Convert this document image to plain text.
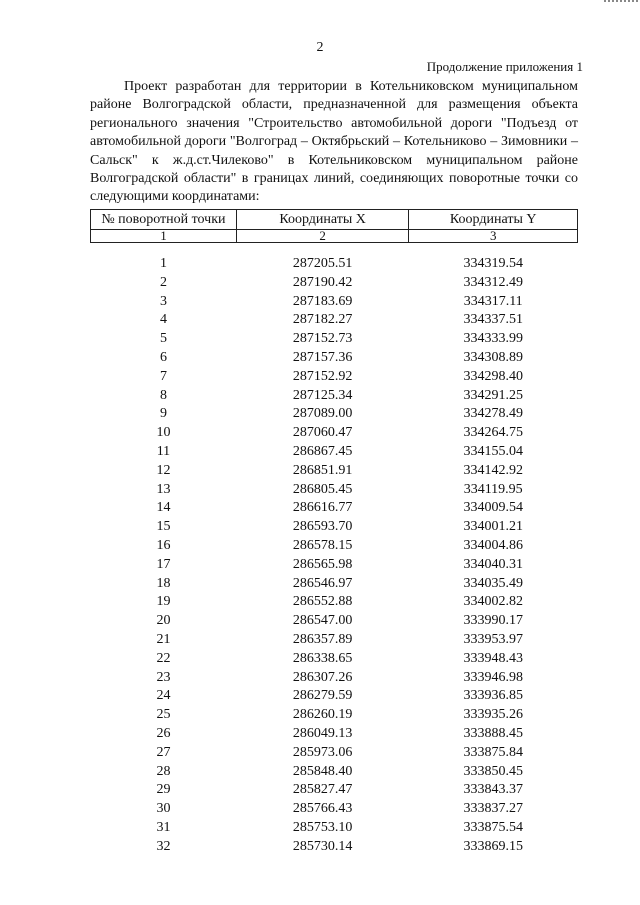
2
Продолжение приложения 1

Проект разработан для территории в Котельниковском муниципальном районе Волгоградской области, предназначенной для размещения объекта регионального значения "Строительство автомобильной дороги "Подъезд от автомобильной дороги "Волгоград – Октябрьский – Котельниково – Зимовники – Сальск" к ж.д.ст.Чилеково" в Котельниковском муниципальном районе Волгоградской области" в границах линий, соединяющих поворотные точки со следующими координатами:

№ поворотной точки	Координаты X	Координаты Y
1	2	3

1	287205.51	334319.54
2	287190.42	334312.49
3	287183.69	334317.11
4	287182.27	334337.51
5	287152.73	334333.99
6	287157.36	334308.89
7	287152.92	334298.40
8	287125.34	334291.25
9	287089.00	334278.49
10	287060.47	334264.75
11	286867.45	334155.04
12	286851.91	334142.92
13	286805.45	334119.95
14	286616.77	334009.54
15	286593.70	334001.21
16	286578.15	334004.86
17	286565.98	334040.31
18	286546.97	334035.49
19	286552.88	334002.82
20	286547.00	333990.17
21	286357.89	333953.97
22	286338.65	333948.43
23	286307.26	333946.98
24	286279.59	333936.85
25	286260.19	333935.26
26	286049.13	333888.45
27	285973.06	333875.84
28	285848.40	333850.45
29	285827.47	333843.37
30	285766.43	333837.27
31	285753.10	333875.54
32	285730.14	333869.15
